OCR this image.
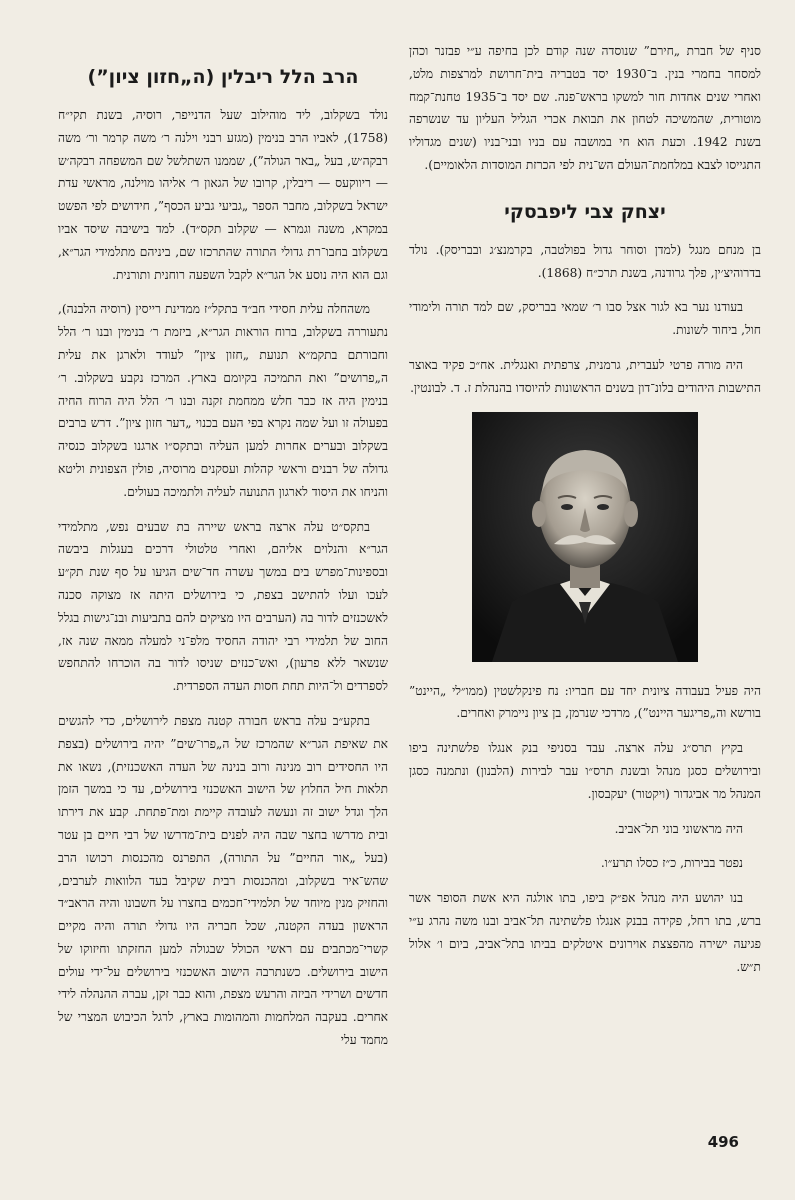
סניף של חברת „חירם” שנוסדה שנה קודם לכן בחיפה ע״י פבזנר וכהן למסחר בחמרי בנין. ב־1930 יסד בטבריה בית־חרושת למרצפות מלט, ואחרי שנים אחדות חור למשקו בראש־פנה. שם יסד ב־1935 טחנת־קמח מוטורית, שהמשיכה לטחון את תבואת אכרי הגליל העליון עד שנשרפה בשנת 1942. וכעת הוא חי במושבה עם בניו ובני־בניו (שנים מגדוליו התגייסו לצבא במלחמת־העולם הש־נית לפי הכרזת המוסדות הלאומיים).

יצחק צבי ליפבסקי

בן מנחם מנגל (למדן וסוחר גדול בפולטבה, בקרמנצ׳ג ובבריסק). נולד בדרוהיצ׳ין, פלך גרודנה, בשנת תרכ״ח (1868).

בעודנו נער בא לגור אצל סבו ר׳ שמאי בבריסק, שם למד תורה ולימודי חול, ביחוד לשונות.

היה מורה פרטי לעברית, גרמנית, צרפתית ואנגלית. אח״כ פקיד באוצר התישבות היהודים בלונ־דון בשנים הראשונות להיוסדו בהנהלת ז. ד. לבונטין.

היה פעיל בעבודה ציונית יחד עם חבריו: נח פינקלשטין (ממו״לי „היינט” בורשא וה„פריגער היינט”), מרדכי שנרמן, בן ציון ניימרק ואחרים.

בקיץ תרס״ג עלה ארצה. עבד בסניפי בנק אנגלו פלשתינה ביפו ובירושלים כסגן מנהל ובשנת תרס״ו עבר לבירות (הלבנון) ונתמנה כסגן המנהל מר אביגדור (ויקטור) יעקבסון.

היה מראשוני בוני תל־אביב.

נפטר בבירות, כ״ז כסלו תרע״ו.

בנו יהושע היה מנהל אפ״ק ביפו, בתו אולגה היא אשת הסופר אשר ברש, בתו רחל, פקידה בבנק אנגלו פלשתינה תל־אביב ובנו משה נהרג ע״י פגיעה ישירה מהפצצת אוירונים איטלקים בביתו בתל־אביב, ביום ו׳ אלול ת״ש.

הרב הלל ריבלין (ה„חזון ציון”)

נולד בשקלוב, ליד מוהילוב שעל הדנייפר, רוסיה, בשנת תקי״ח (1758), לאביו הרב בנימין (מגזע רבני וילנה ר׳ משה קרמר ור׳ משה רבקה׳ש, בעל „באר הגולה”), שממנו השתלשל שם המשפחה רבקה׳ש — ריווקעס — ריבלין, קרובו של הגאון ר׳ אליהו מוילנה, מראשי עדת ישראל בשקלוב, מחבר הספר „גביעי גביע הכסף”, חידושים לפי הפשט במקרא, משנה וגמרא — שקלוב תקס״ד). למד בישיבה שיסד אביו בשקלוב בחבו־רת גדולי התורה שהתרכזו שם, ביניהם מתלמידי הגר״א, וגם הוא היה נוסע אל הגר״א לקבל השפעה רוחנית ותורנית.

משהחלה עלית חסידי חב״ד בתקל״ז ממדינת רייסין (רוסיה הלבנה), נתעוררה בשקלוב, ברוח הוראות הגר״א, ביזמת ר׳ בנימין ובנו ר׳ הלל וחבורתם בתקמ״א תנועת „חזון ציון” לעודד ולארגן את עלית ה„פרושים” ואת התמיכה בקיומם בארץ. המרכז נקבע בשקלוב. ר׳ בנימין היה אז כבר חלש ממחמת זקנה ובנו ר׳ הלל היה הרוח החיה בפעולה זו ועל שמה נקרא בפי העם בכנוי „דער חזון ציון”. דרש ברבים בשקלוב ובערים אחרות למען העליה ובתקס״ו ארגנו בשקלוב כנסיה גדולה של רבנים וראשי קהלות ועסקנים מרוסיה, פולין הצפונית וליטא והניחו את היסוד לארגון התנועה לעליה ולתמיכה בעולים.

בתקס״ט עלה ארצה בראש שיירה בת שבעים נפש, מתלמידי הגר״א והנלוים אליהם, ואחרי טלטולי דרכים בעגלות ביבשה ובספינות־מפרש בים במשך עשרה חד־שים הגיעו על סף שנת תק״ע לעכו ועלו להתישב בצפת, כי בירושלים היתה אז מצוקה סכנה לאשכנזים לדור בה (הערבים היו מציקים להם בתביעות ובנ־גישות בגלל החוב של תלמידי רבי יהודה החסיד מלפ־ני למעלה ממאה שנה אז, שנשאר ללא פרעון), ואש־כנזים שניסו לדור בה הוכרחו להתחפש לספרדים ול־היות תחת חסות העדה הספרדית.

בתקע״ב עלה בראש חבורה קטנה מצפת לירושלים, כדי להגשים את שאיפת הגר״א שהמרכז של ה„פרו־שים” יהיה בירושלים (בצפת היו החסידים רוב מנינה ורוב בנינה של העדה האשכנזית), נשאו את תלאות חיל החלוץ של הישוב האשכנזי בירושלים, עד כי במשך הזמן הלך וגדל ישוב זה ונעשה לעובדה קיימת ומת־פתחת. קבע את דירתו ובית מדרשו בחצר שבה היה לפנים בית־מדרשו של רבי חיים בן עטר (בעל „אור החיים” על התורה), התפרנס מהכנסות רכושו הרב שהש־איר בשקלוב, ומהכנסות רבית שקיבל בעד הלוואות לערבים, והחזיק מנין מיוחד של תלמידי־חכמים בחצרו על חשבונו והיה הראב״ד הראשון בעדה הקטנה, שכל חבריה היו גדולי תורה והיה מקיים קשרי־מכתבים עם ראשי הכולל שבגולה למען החזקתו וחיזוקו של הישוב בירושלים. כשנתרבה הישוב האשכנזי בירושלים על־ידי עולים חדשים ושרידי הביזה והרעש מצפת, והוא כבר זקן, עברה ההנהלה לידי אחרים. בעקבה המלחמות והמהומות בארץ, לרגל הכיבוש המצרי של מחמד עלי

496
